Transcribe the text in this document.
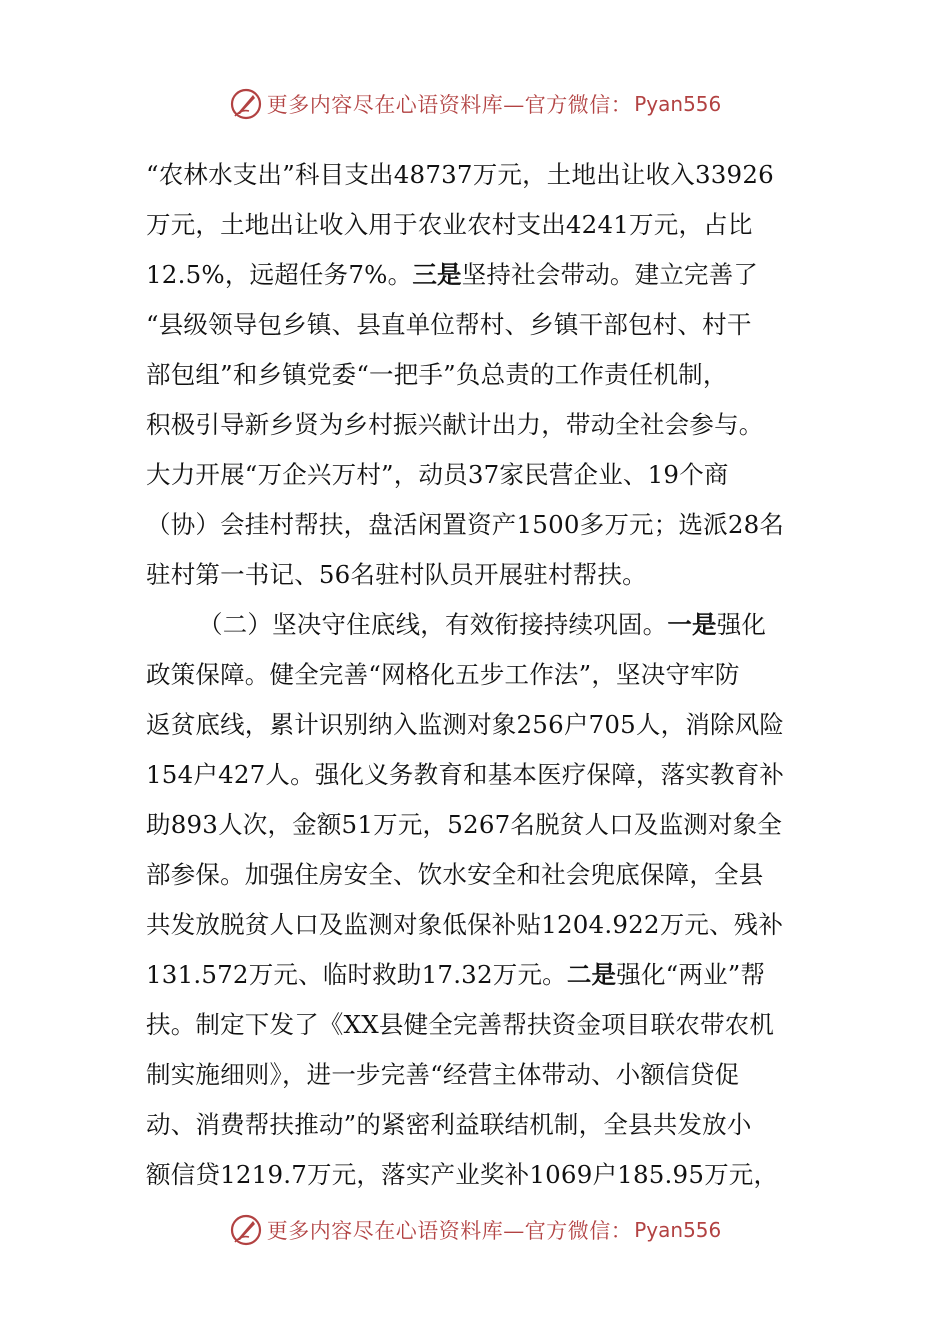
更多内容尽在心语资料库—官方微信： Pyan556
“农林水支出”科目支出48737万元，土地出让收入33926
万元，土地出让收入用于农业农村支出4241万元，占比
12.5%，远超任务7%。三是坚持社会带动。建立完善了
“县级领导包乡镇、县直单位帮村、乡镇干部包村、村干
部包组”和乡镇党委“一把手”负总责的工作责任机制，
积极引导新乡贤为乡村振兴献计出力，带动全社会参与。
大力开展“万企兴万村”，动员37家民营企业、19个商
（协）会挂村帮扶，盘活闲置资产1500多万元；选派28名
驻村第一书记、56名驻村队员开展驻村帮扶。
（二）坚决守住底线，有效衔接持续巩固。一是强化
政策保障。健全完善“网格化五步工作法”，坚决守牢防
返贫底线，累计识别纳入监测对象256户705人，消除风险
154户427人。强化义务教育和基本医疗保障，落实教育补
助893人次，金额51万元，5267名脱贫人口及监测对象全
部参保。加强住房安全、饮水安全和社会兜底保障，全县
共发放脱贫人口及监测对象低保补贴1204.922万元、残补
131.572万元、临时救助17.32万元。二是强化“两业”帮
扶。制定下发了《XX县健全完善帮扶资金项目联农带农机
制实施细则》，进一步完善“经营主体带动、小额信贷促
动、消费帮扶推动”的紧密利益联结机制，全县共发放小
额信贷1219.7万元，落实产业奖补1069户185.95万元，
更多内容尽在心语资料库—官方微信： Pyan556
